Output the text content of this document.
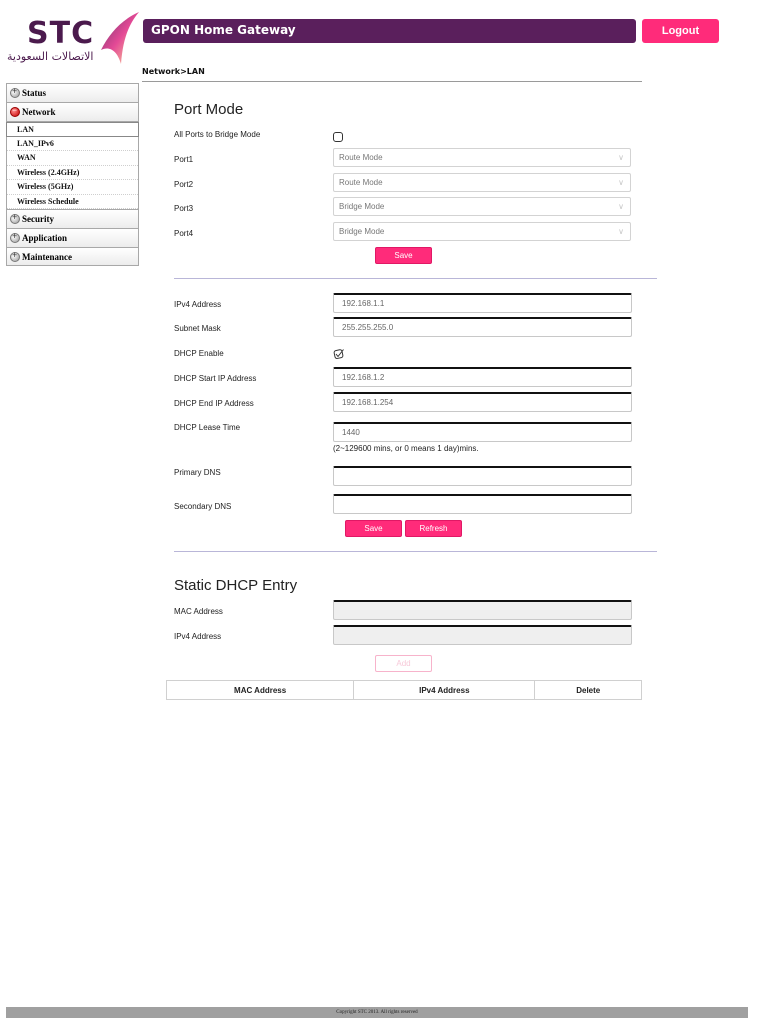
STC
الاتصالات السعودية
GPON Home Gateway	Logout
Network>LAN
+
Status
−
Network
LAN
LAN_IPv6
WAN
Wireless (2.4GHz)
Wireless (5GHz)
Wireless Schedule
+
Security
+
Application
+
Maintenance
Port Mode
All Ports to Bridge Mode
Port1	Route Mode	∨
Port2	Route Mode	∨
Port3	Bridge Mode	∨
Port4	Bridge Mode	∨
Save
IPv4 Address
192.168.1.1
Subnet Mask
255.255.255.0
DHCP Enable
DHCP Start IP Address
192.168.1.2
DHCP End IP Address
192.168.1.254
DHCP Lease Time
1440
(2~129600 mins, or 0 means 1 day)mins.
Primary DNS
Secondary DNS
Save	Refresh
Static DHCP Entry
MAC Address
IPv4 Address
Add
MAC Address	IPv4 Address	Delete
Copyright STC 2013. All rights reserved
